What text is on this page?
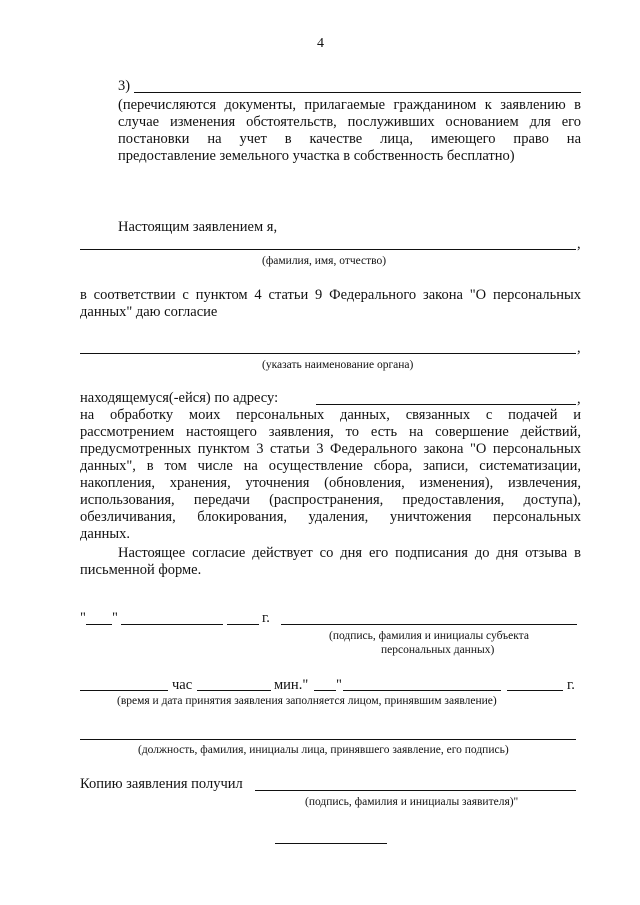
4
3)
(перечисляются документы, прилагаемые гражданином к заявлению в
случае изменения обстоятельств, послуживших основанием для его
постановки на учет в качестве лица, имеющего право на
предоставление земельного участка в собственность бесплатно)
Настоящим заявлением я,
,
(фамилия, имя, отчество)
в соответствии с пунктом 4 статьи 9 Федерального закона "О персональных
данных" даю согласие
,
(указать наименование органа)
находящемуся(-ейся) по адресу:	,
на обработку моих персональных данных, связанных с подачей и
рассмотрением настоящего заявления, то есть на совершение действий,
предусмотренных пунктом 3 статьи 3 Федерального закона "О персональных
данных", в том числе на осуществление сбора, записи, систематизации,
накопления, хранения, уточнения (обновления, изменения), извлечения,
использования, передачи (распространения, предоставления, доступа),
обезличивания, блокирования, удаления, уничтожения персональных
данных.
Настоящее согласие действует со дня его подписания до дня отзыва в
письменной форме.
" "	г.
(подпись, фамилия и инициалы субъекта
персональных данных)
час	мин." "	г.
(время и дата принятия заявления заполняется лицом, принявшим заявление)
(должность, фамилия, инициалы лица, принявшего заявление, его подпись)
Копию заявления получил
(подпись, фамилия и инициалы заявителя)"
